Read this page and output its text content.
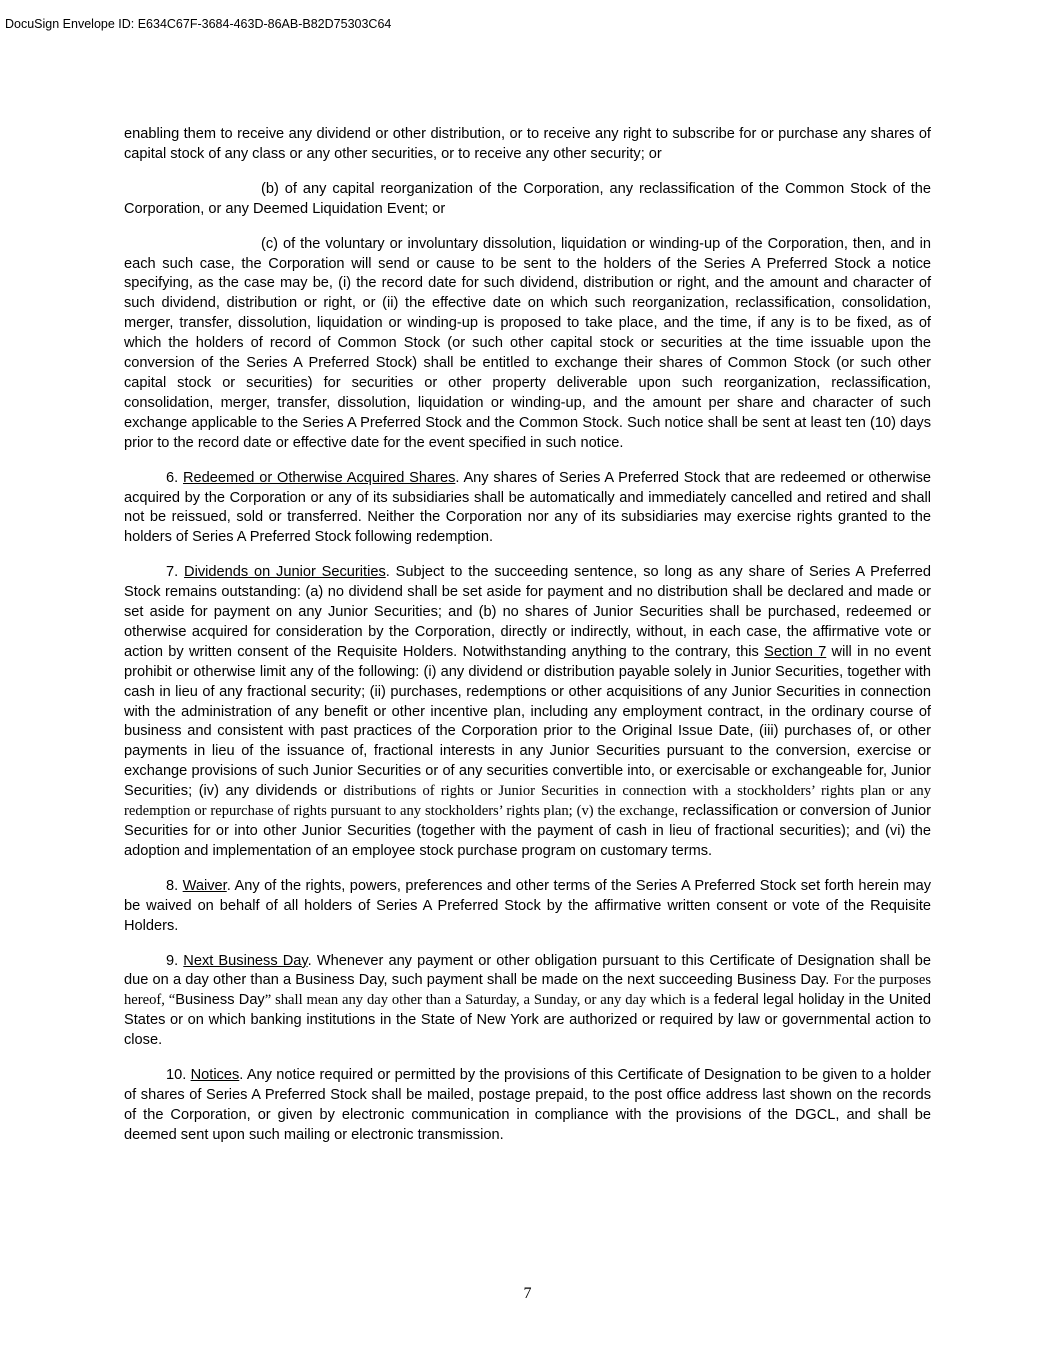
DocuSign Envelope ID: E634C67F-3684-463D-86AB-B82D75303C64

enabling them to receive any dividend or other distribution, or to receive any right to subscribe for or purchase any shares of capital stock of any class or any other securities, or to receive any other security; or

(b) of any capital reorganization of the Corporation, any reclassification of the Common Stock of the Corporation, or any Deemed Liquidation Event; or

(c) of the voluntary or involuntary dissolution, liquidation or winding-up of the Corporation, then, and in each such case, the Corporation will send or cause to be sent to the holders of the Series A Preferred Stock a notice specifying, as the case may be, (i) the record date for such dividend, distribution or right, and the amount and character of such dividend, distribution or right, or (ii) the effective date on which such reorganization, reclassification, consolidation, merger, transfer, dissolution, liquidation or winding-up is proposed to take place, and the time, if any is to be fixed, as of which the holders of record of Common Stock (or such other capital stock or securities at the time issuable upon the conversion of the Series A Preferred Stock) shall be entitled to exchange their shares of Common Stock (or such other capital stock or securities) for securities or other property deliverable upon such reorganization, reclassification, consolidation, merger, transfer, dissolution, liquidation or winding-up, and the amount per share and character of such exchange applicable to the Series A Preferred Stock and the Common Stock. Such notice shall be sent at least ten (10) days prior to the record date or effective date for the event specified in such notice.

6. Redeemed or Otherwise Acquired Shares. Any shares of Series A Preferred Stock that are redeemed or otherwise acquired by the Corporation or any of its subsidiaries shall be automatically and immediately cancelled and retired and shall not be reissued, sold or transferred. Neither the Corporation nor any of its subsidiaries may exercise rights granted to the holders of Series A Preferred Stock following redemption.

7. Dividends on Junior Securities. Subject to the succeeding sentence, so long as any share of Series A Preferred Stock remains outstanding: (a) no dividend shall be set aside for payment and no distribution shall be declared and made or set aside for payment on any Junior Securities; and (b) no shares of Junior Securities shall be purchased, redeemed or otherwise acquired for consideration by the Corporation, directly or indirectly, without, in each case, the affirmative vote or action by written consent of the Requisite Holders. Notwithstanding anything to the contrary, this Section 7 will in no event prohibit or otherwise limit any of the following: (i) any dividend or distribution payable solely in Junior Securities, together with cash in lieu of any fractional security; (ii) purchases, redemptions or other acquisitions of any Junior Securities in connection with the administration of any benefit or other incentive plan, including any employment contract, in the ordinary course of business and consistent with past practices of the Corporation prior to the Original Issue Date, (iii) purchases of, or other payments in lieu of the issuance of, fractional interests in any Junior Securities pursuant to the conversion, exercise or exchange provisions of such Junior Securities or of any securities convertible into, or exercisable or exchangeable for, Junior Securities; (iv) any dividends or distributions of rights or Junior Securities in connection with a stockholders’ rights plan or any redemption or repurchase of rights pursuant to any stockholders’ rights plan; (v) the exchange, reclassification or conversion of Junior Securities for or into other Junior Securities (together with the payment of cash in lieu of fractional securities); and (vi) the adoption and implementation of an employee stock purchase program on customary terms.

8. Waiver. Any of the rights, powers, preferences and other terms of the Series A Preferred Stock set forth herein may be waived on behalf of all holders of Series A Preferred Stock by the affirmative written consent or vote of the Requisite Holders.

9. Next Business Day. Whenever any payment or other obligation pursuant to this Certificate of Designation shall be due on a day other than a Business Day, such payment shall be made on the next succeeding Business Day. For the purposes hereof, “Business Day” shall mean any day other than a Saturday, a Sunday, or any day which is a federal legal holiday in the United States or on which banking institutions in the State of New York are authorized or required by law or governmental action to close.

10. Notices. Any notice required or permitted by the provisions of this Certificate of Designation to be given to a holder of shares of Series A Preferred Stock shall be mailed, postage prepaid, to the post office address last shown on the records of the Corporation, or given by electronic communication in compliance with the provisions of the DGCL, and shall be deemed sent upon such mailing or electronic transmission.

7
